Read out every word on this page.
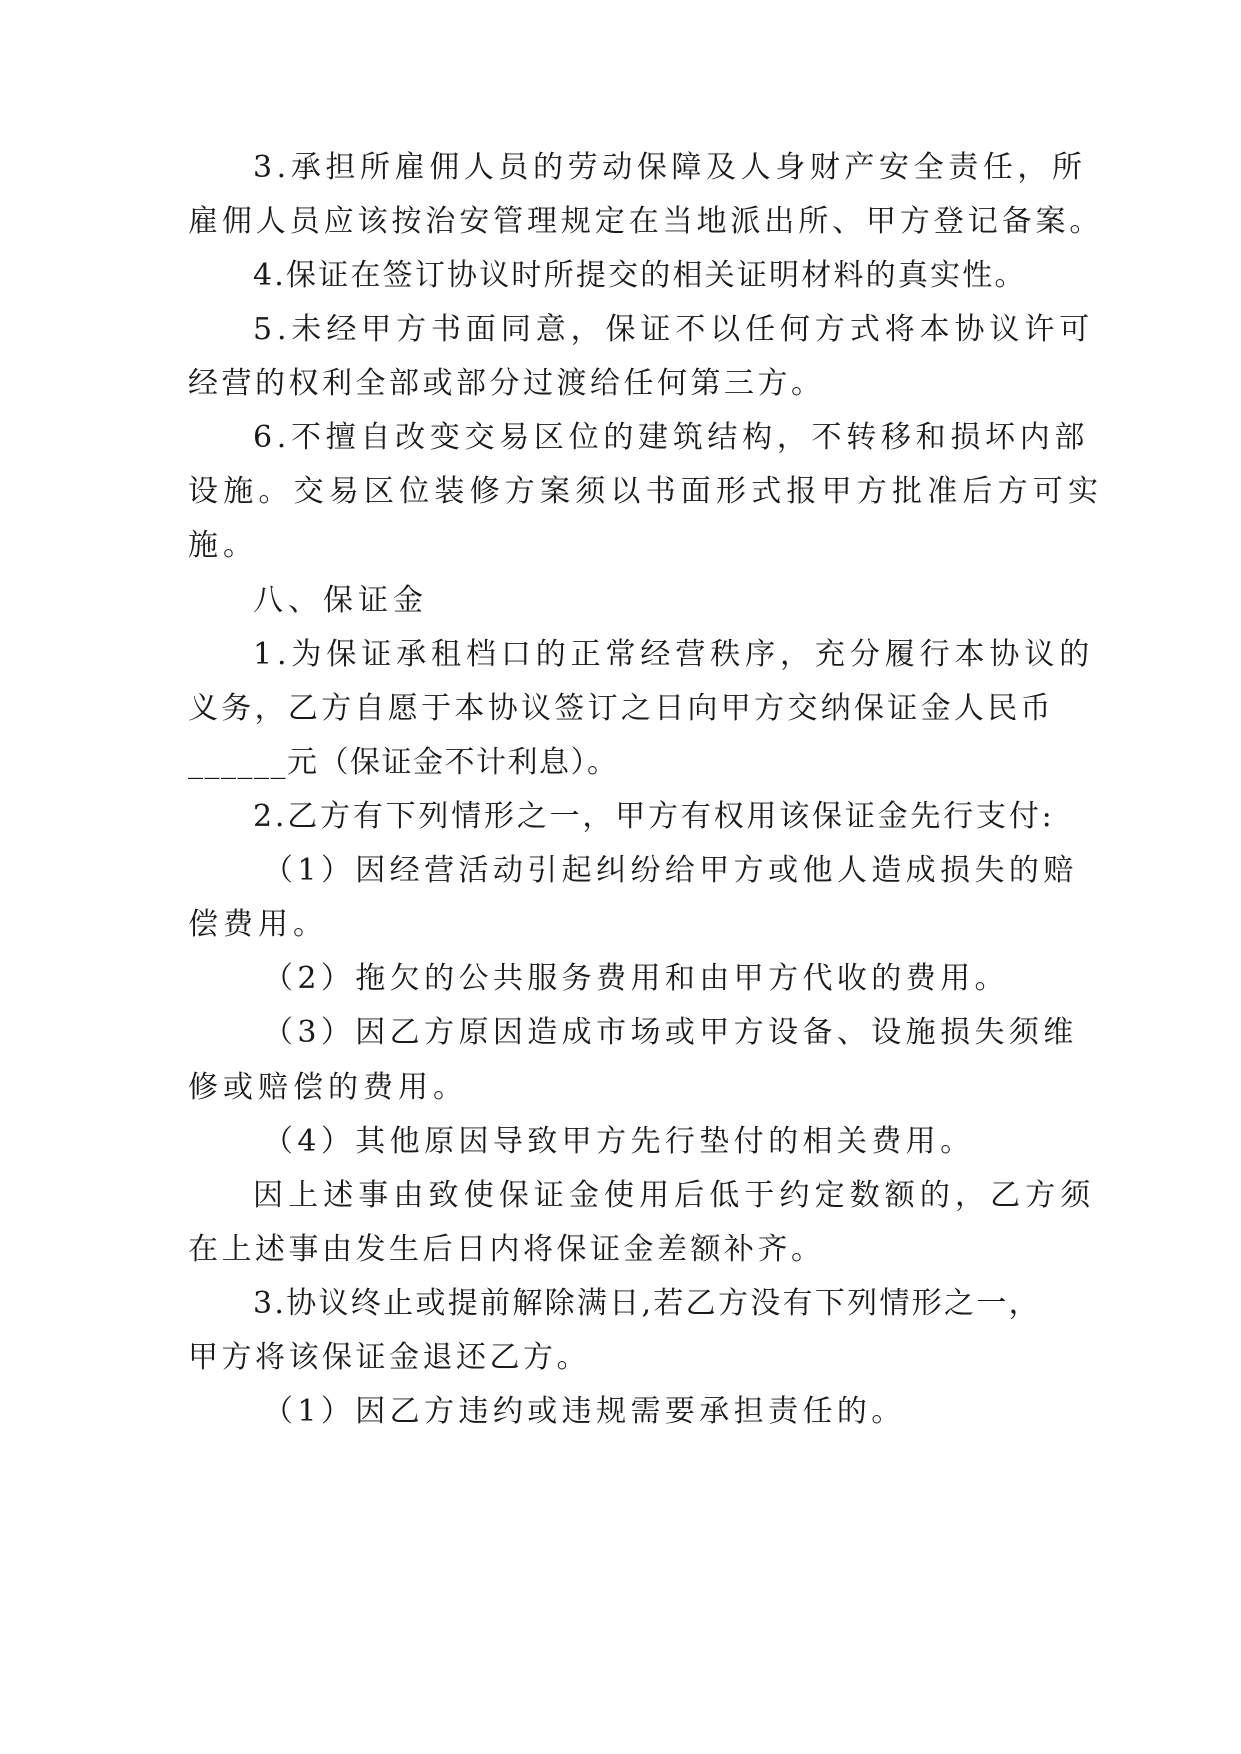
3.承担所雇佣人员的劳动保障及人身财产安全责任，所

雇佣人员应该按治安管理规定在当地派出所、甲方登记备案。

4.保证在签订协议时所提交的相关证明材料的真实性。

5.未经甲方书面同意，保证不以任何方式将本协议许可

经营的权利全部或部分过渡给任何第三方。

6.不擅自改变交易区位的建筑结构，不转移和损坏内部

设施。交易区位装修方案须以书面形式报甲方批准后方可实

施。

八、保证金

1.为保证承租档口的正常经营秩序，充分履行本协议的

义务，乙方自愿于本协议签订之日向甲方交纳保证金人民币

______元（保证金不计利息）。

2.乙方有下列情形之一，甲方有权用该保证金先行支付:

（1）因经营活动引起纠纷给甲方或他人造成损失的赔

偿费用。

（2）拖欠的公共服务费用和由甲方代收的费用。

（3）因乙方原因造成市场或甲方设备、设施损失须维

修或赔偿的费用。

（4）其他原因导致甲方先行垫付的相关费用。

因上述事由致使保证金使用后低于约定数额的，乙方须

在上述事由发生后日内将保证金差额补齐。

3.协议终止或提前解除满日,若乙方没有下列情形之一，

甲方将该保证金退还乙方。

（1）因乙方违约或违规需要承担责任的。
